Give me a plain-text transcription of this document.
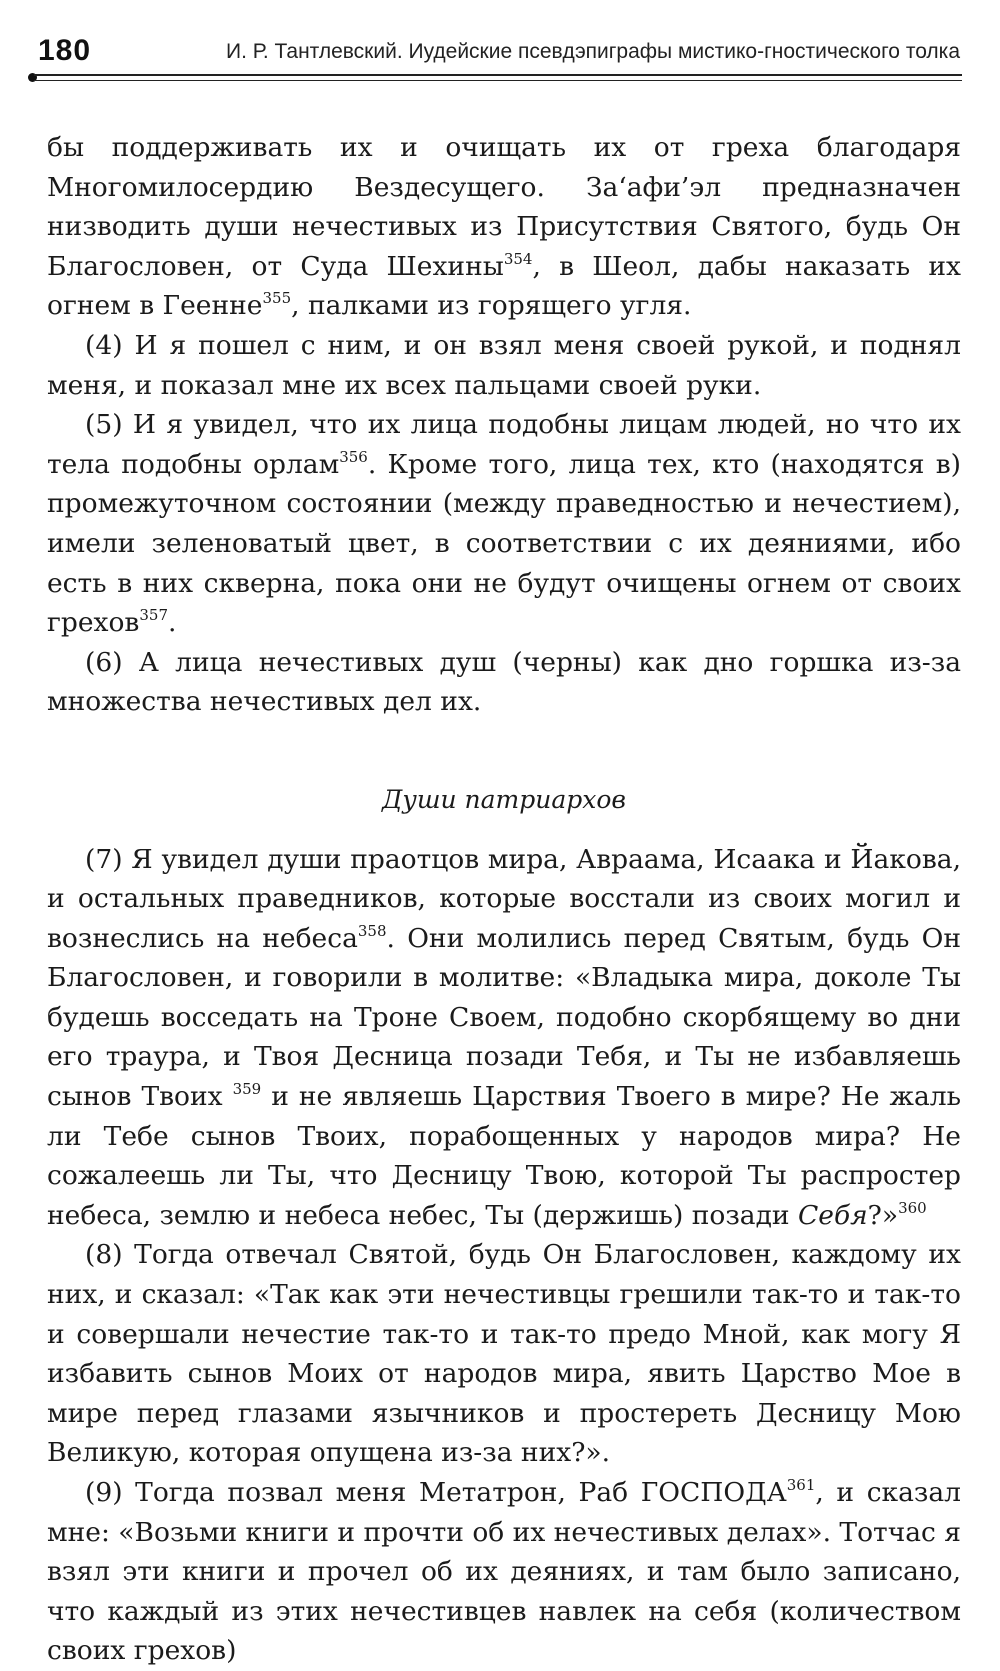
180	И. Р. Тантлевский. Иудейские псевдэпиграфы мистико-гностического толка

бы поддерживать их и очищать их от греха благодаря Многомилосердию Вездесущего. За‘афи’эл предназначен низводить души нечестивых из Присутствия Святого, будь Он Благословен, от Суда Шехины$^{354}$, в Шеол, дабы наказать их огнем в Геенне$^{355}$, палками из горящего угля.

(4) И я пошел с ним, и он взял меня своей рукой, и поднял меня, и показал мне их всех пальцами своей руки.

(5) И я увидел, что их лица подобны лицам людей, но что их тела подобны орлам$^{356}$. Кроме того, лица тех, кто (находятся в) промежуточном состоянии (между праведностью и нечестием), имели зеленоватый цвет, в соответствии с их деяниями, ибо есть в них скверна, пока они не будут очищены огнем от своих грехов$^{357}$.

(6) А лица нечестивых душ (черны) как дно горшка из-за множества нечестивых дел их.

Души патриархов

(7) Я увидел души праотцов мира, Авраама, Исаака и Йакова, и остальных праведников, которые восстали из своих могил и вознеслись на небеса$^{358}$. Они молились перед Святым, будь Он Благословен, и говорили в молитве: «Владыка мира, доколе Ты будешь восседать на Троне Своем, подобно скорбящему во дни его траура, и Твоя Десница позади Тебя, и Ты не избавляешь сынов Твоих $^{359}$ и не являешь Царствия Твоего в мире? Не жаль ли Тебе сынов Твоих, порабощенных у народов мира? Не сожалеешь ли Ты, что Десницу Твою, которой Ты распростер небеса, землю и небеса небес, Ты (держишь) позади Себя?»$^{360}$

(8) Тогда отвечал Святой, будь Он Благословен, каждому их них, и сказал: «Так как эти нечестивцы грешили так-то и так-то и совершали нечестие так-то и так-то предо Мной, как могу Я избавить сынов Моих от народов мира, явить Царство Мое в мире перед глазами язычников и простереть Десницу Мою Великую, которая опущена из-за них?».

(9) Тогда позвал меня Метатрон, Раб ГОСПОДА$^{361}$, и сказал мне: «Возьми книги и прочти об их нечестивых делах». Тотчас я взял эти книги и прочел об их деяниях, и там было записано, что каждый из этих нечестивцев навлек на себя (количеством своих грехов)
